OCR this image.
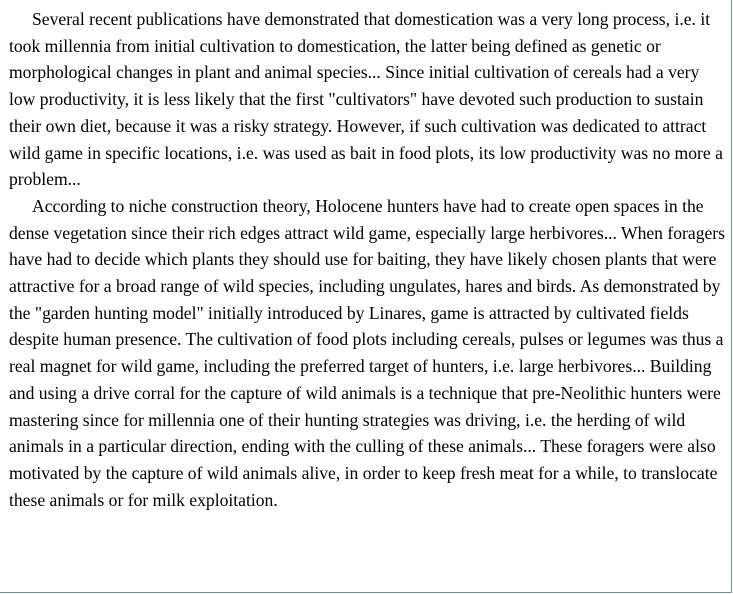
Several recent publications have demonstrated that domestication was a very long process, i.e. it took millennia from initial cultivation to domestication, the latter being defined as genetic or morphological changes in plant and animal species... Since initial cultivation of cereals had a very low productivity, it is less likely that the first "cultivators" have devoted such production to sustain their own diet, because it was a risky strategy. However, if such cultivation was dedicated to attract wild game in specific locations, i.e. was used as bait in food plots, its low productivity was no more a problem...

According to niche construction theory, Holocene hunters have had to create open spaces in the dense vegetation since their rich edges attract wild game, especially large herbivores... When foragers have had to decide which plants they should use for baiting, they have likely chosen plants that were attractive for a broad range of wild species, including ungulates, hares and birds. As demonstrated by the "garden hunting model" initially introduced by Linares, game is attracted by cultivated fields despite human presence. The cultivation of food plots including cereals, pulses or legumes was thus a real magnet for wild game, including the preferred target of hunters, i.e. large herbivores... Building and using a drive corral for the capture of wild animals is a technique that pre-Neolithic hunters were mastering since for millennia one of their hunting strategies was driving, i.e. the herding of wild animals in a particular direction, ending with the culling of these animals... These foragers were also motivated by the capture of wild animals alive, in order to keep fresh meat for a while, to translocate these animals or for milk exploitation.
